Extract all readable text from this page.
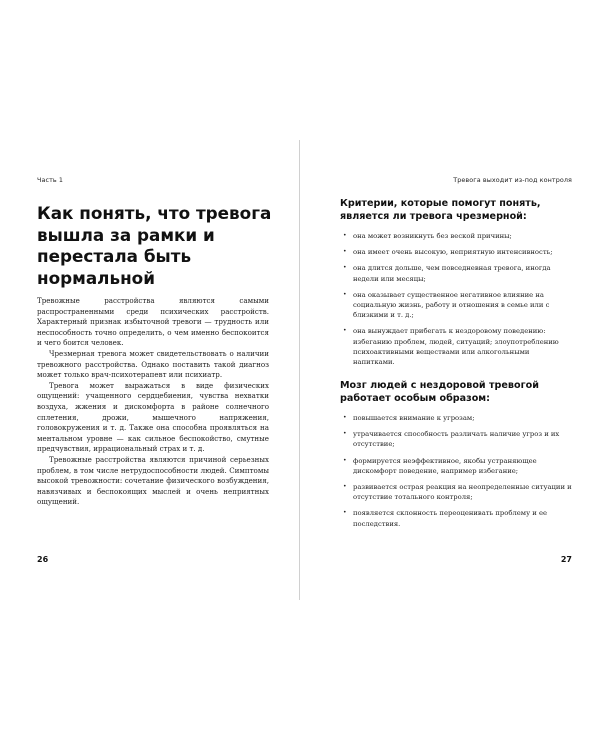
Часть 1
Как понять, что тревога вышла за рамки и перестала быть нормальной

Тревожные расстройства являются самыми распространенными среди психических расстройств. Характерный признак избыточной тревоги — трудность или неспособность точно определить, о чем именно беспокоится и чего боится человек.

Чрезмерная тревога может свидетельствовать о наличии тревожного расстройства. Однако поставить такой диагноз может только врач-психотерапевт или психиатр.

Тревога может выражаться в виде физических ощущений: учащенного сердцебиения, чувства нехватки воздуха, жжения и дискомфорта в районе солнечного сплетения, дрожи, мышечного напряжения, головокружения и т. д. Также она способна проявляться на ментальном уровне — как сильное беспокойство, смутные предчувствия, иррациональный страх и т. д.

Тревожные расстройства являются причиной серьезных проблем, в том числе нетрудоспособности людей. Симптомы высокой тревожности: сочетание физического возбуждения, навязчивых и беспокоящих мыслей и очень неприятных ощущений.

26
Тревога выходит из-под контроля
Критерии, которые помогут понять, является ли тревога чрезмерной:
• она может возникнуть без веской причины;
• она имеет очень высокую, неприятную интенсивность;
• она длится дольше, чем повседневная тревога, иногда недели или месяцы;
• она оказывает существенное негативное влияние на социальную жизнь, работу и отношения в семье или с близкими и т. д.;
• она вынуждает прибегать к нездоровому поведению: избеганию проблем, людей, ситуаций; злоупотреблению психоактивными веществами или алкогольными напитками.
Мозг людей с нездоровой тревогой работает особым образом:
• повышается внимание к угрозам;
• утрачивается способность различать наличие угроз и их отсутствие;
• формируется неэффективное, якобы устраняющее дискомфорт поведение, например избегание;
• развивается острая реакция на неопределенные ситуации и отсутствие тотального контроля;
• появляется склонность переоценивать проблему и ее последствия.
27
